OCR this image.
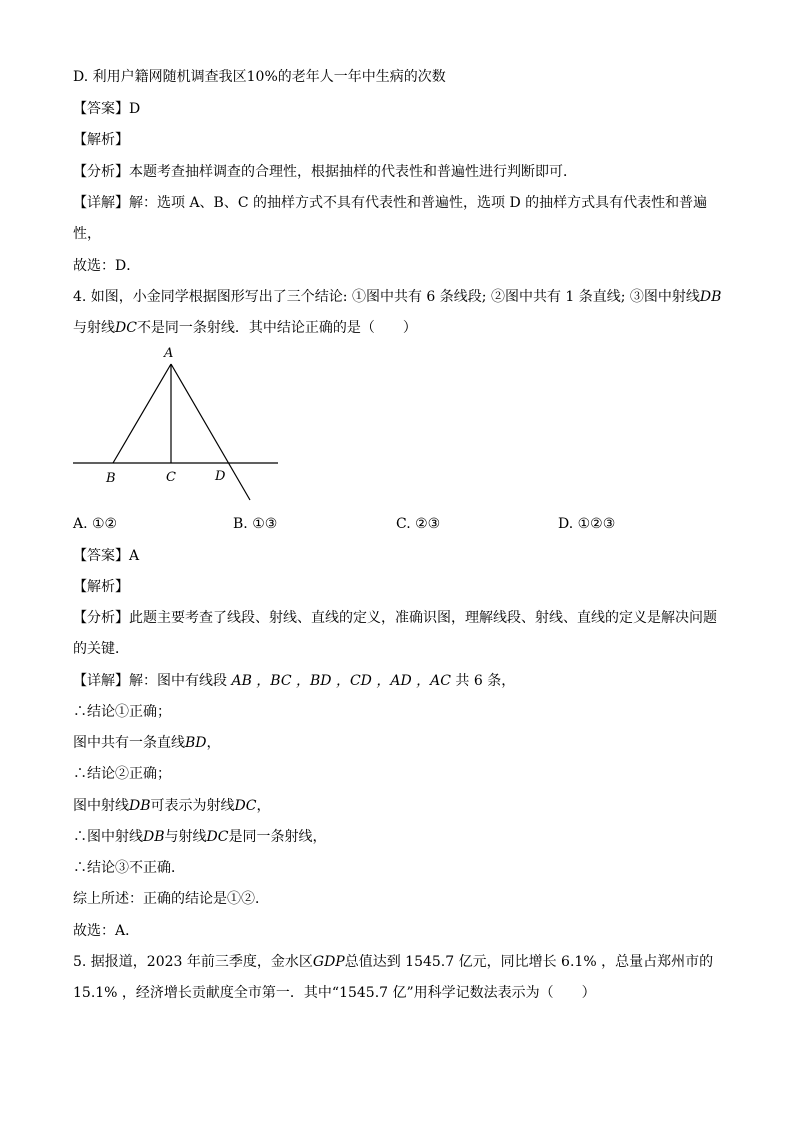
D. 利用户籍网随机调查我区10%的老年人一年中生病的次数
【答案】D
【解析】
【分析】本题考查抽样调查的合理性，根据抽样的代表性和普遍性进行判断即可．
【详解】解：选项 A、B、C 的抽样方式不具有代表性和普遍性，选项 D 的抽样方式具有代表性和普遍
性，
故选：D．
4. 如图，小金同学根据图形写出了三个结论: ①图中共有 6 条线段; ②图中共有 1 条直线; ③图中射线DB
与射线DC不是同一条射线．其中结论正确的是（　　）
A
B	C	D
A. ①②	B. ①③	C. ②③	D. ①②③
【答案】A
【解析】
【分析】此题主要考查了线段、射线、直线的定义，准确识图，理解线段、射线、直线的定义是解决问题
的关键．
【详解】解：图中有线段 AB ，BC ，BD ，CD ，AD ，AC 共 6 条，
∴结论①正确；
图中共有一条直线BD，
∴结论②正确；
图中射线DB可表示为射线DC，
∴图中射线DB与射线DC是同一条射线，
∴结论③不正确．
综上所述：正确的结论是①②．
故选：A．
5. 据报道，2023 年前三季度，金水区GDP总值达到 1545.7 亿元，同比增长 6.1% ，总量占郑州市的
15.1% ，经济增长贡献度全市第一．其中“1545.7 亿”用科学记数法表示为（　　）
